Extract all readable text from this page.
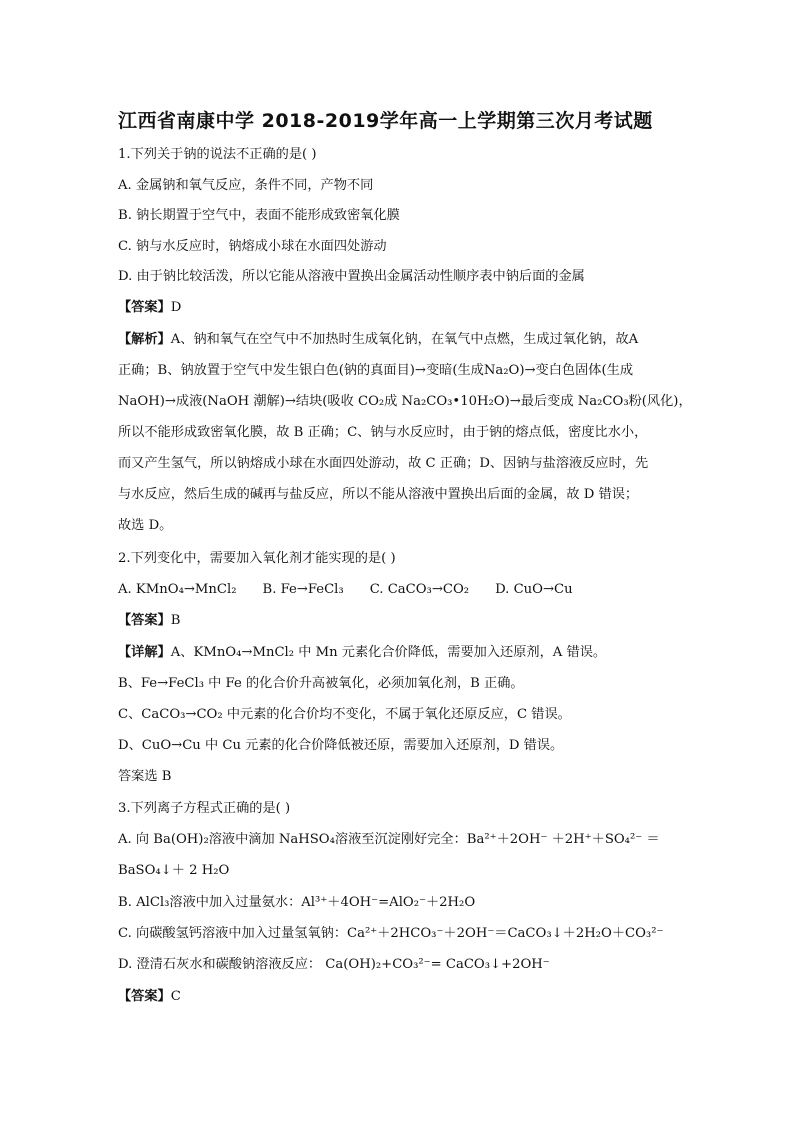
江西省南康中学 2018-2019学年高一上学期第三次月考试题
1.下列关于钠的说法不正确的是( )
A. 金属钠和氧气反应，条件不同，产物不同
B. 钠长期置于空气中，表面不能形成致密氧化膜
C. 钠与水反应时，钠熔成小球在水面四处游动
D. 由于钠比较活泼，所以它能从溶液中置换出金属活动性顺序表中钠后面的金属
【答案】D
【解析】A、钠和氧气在空气中不加热时生成氧化钠，在氧气中点燃，生成过氧化钠，故A
正确；B、钠放置于空气中发生银白色(钠的真面目)→变暗(生成Na₂O)→变白色固体(生成
NaOH)→成液(NaOH 潮解)→结块(吸收 CO₂成 Na₂CO₃•10H₂O)→最后变成 Na₂CO₃粉(风化)，
所以不能形成致密氧化膜，故 B 正确；C、钠与水反应时，由于钠的熔点低，密度比水小，
而又产生氢气，所以钠熔成小球在水面四处游动，故 C 正确；D、因钠与盐溶液反应时，先
与水反应，然后生成的碱再与盐反应，所以不能从溶液中置换出后面的金属，故 D 错误；
故选 D。
2.下列变化中，需要加入氧化剂才能实现的是( )
A. KMnO₄→MnCl₂ B. Fe→FeCl₃ C. CaCO₃→CO₂ D. CuO→Cu
【答案】B
【详解】A、KMnO₄→MnCl₂ 中 Mn 元素化合价降低，需要加入还原剂，A 错误。
B、Fe→FeCl₃ 中 Fe 的化合价升高被氧化，必须加氧化剂，B 正确。
C、CaCO₃→CO₂ 中元素的化合价均不变化，不属于氧化还原反应，C 错误。
D、CuO→Cu 中 Cu 元素的化合价降低被还原，需要加入还原剂，D 错误。
答案选 B
3.下列离子方程式正确的是( )
A. 向 Ba(OH)₂溶液中滴加 NaHSO₄溶液至沉淀刚好完全：Ba²⁺＋2OH⁻ ＋2H⁺＋SO₄²⁻ ＝
BaSO₄↓＋ 2 H₂O
B. AlCl₃溶液中加入过量氨水：Al³⁺＋4OH⁻=AlO₂⁻＋2H₂O
C. 向碳酸氢钙溶液中加入过量氢氧钠：Ca²⁺＋2HCO₃⁻＋2OH⁻＝CaCO₃↓＋2H₂O＋CO₃²⁻
D. 澄清石灰水和碳酸钠溶液反应： Ca(OH)₂+CO₃²⁻= CaCO₃↓+2OH⁻
【答案】C
